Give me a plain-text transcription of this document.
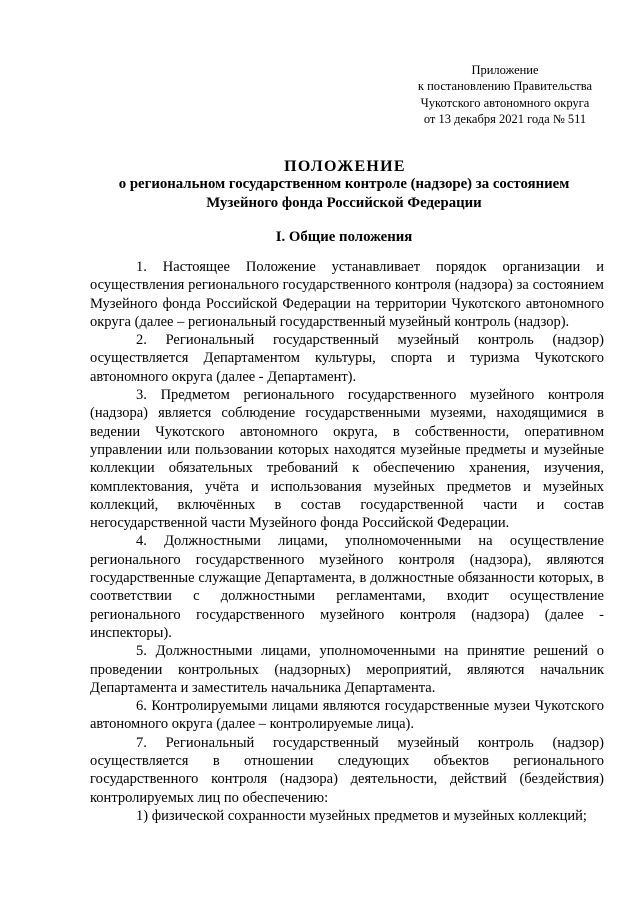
Приложение
к постановлению Правительства
Чукотского автономного округа
от 13 декабря 2021 года № 511
ПОЛОЖЕНИЕ
о региональном государственном контроле (надзоре) за состоянием Музейного фонда Российской Федерации
I. Общие положения

1. Настоящее Положение устанавливает порядок организации и осуществления регионального государственного контроля (надзора) за состоянием Музейного фонда Российской Федерации на территории Чукотского автономного округа (далее – региональный государственный музейный контроль (надзор).

2. Региональный государственный музейный контроль (надзор) осуществляется Департаментом культуры, спорта и туризма Чукотского автономного округа (далее - Департамент).

3. Предметом регионального государственного музейного контроля (надзора) является соблюдение государственными музеями, находящимися в ведении Чукотского автономного округа, в собственности, оперативном управлении или пользовании которых находятся музейные предметы и музейные коллекции обязательных требований к обеспечению хранения, изучения, комплектования, учёта и использования музейных предметов и музейных коллекций, включённых в состав государственной части и состав негосударственной части Музейного фонда Российской Федерации.

4. Должностными лицами, уполномоченными на осуществление регионального государственного музейного контроля (надзора), являются государственные служащие Департамента, в должностные обязанности которых, в соответствии с должностными регламентами, входит осуществление регионального государственного музейного контроля (надзора) (далее - инспекторы).

5. Должностными лицами, уполномоченными на принятие решений о проведении контрольных (надзорных) мероприятий, являются начальник Департамента и заместитель начальника Департамента.

6. Контролируемыми лицами являются государственные музеи Чукотского автономного округа (далее – контролируемые лица).

7. Региональный государственный музейный контроль (надзор) осуществляется в отношении следующих объектов регионального государственного контроля (надзора) деятельности, действий (бездействия) контролируемых лиц по обеспечению:

1) физической сохранности музейных предметов и музейных коллекций;
